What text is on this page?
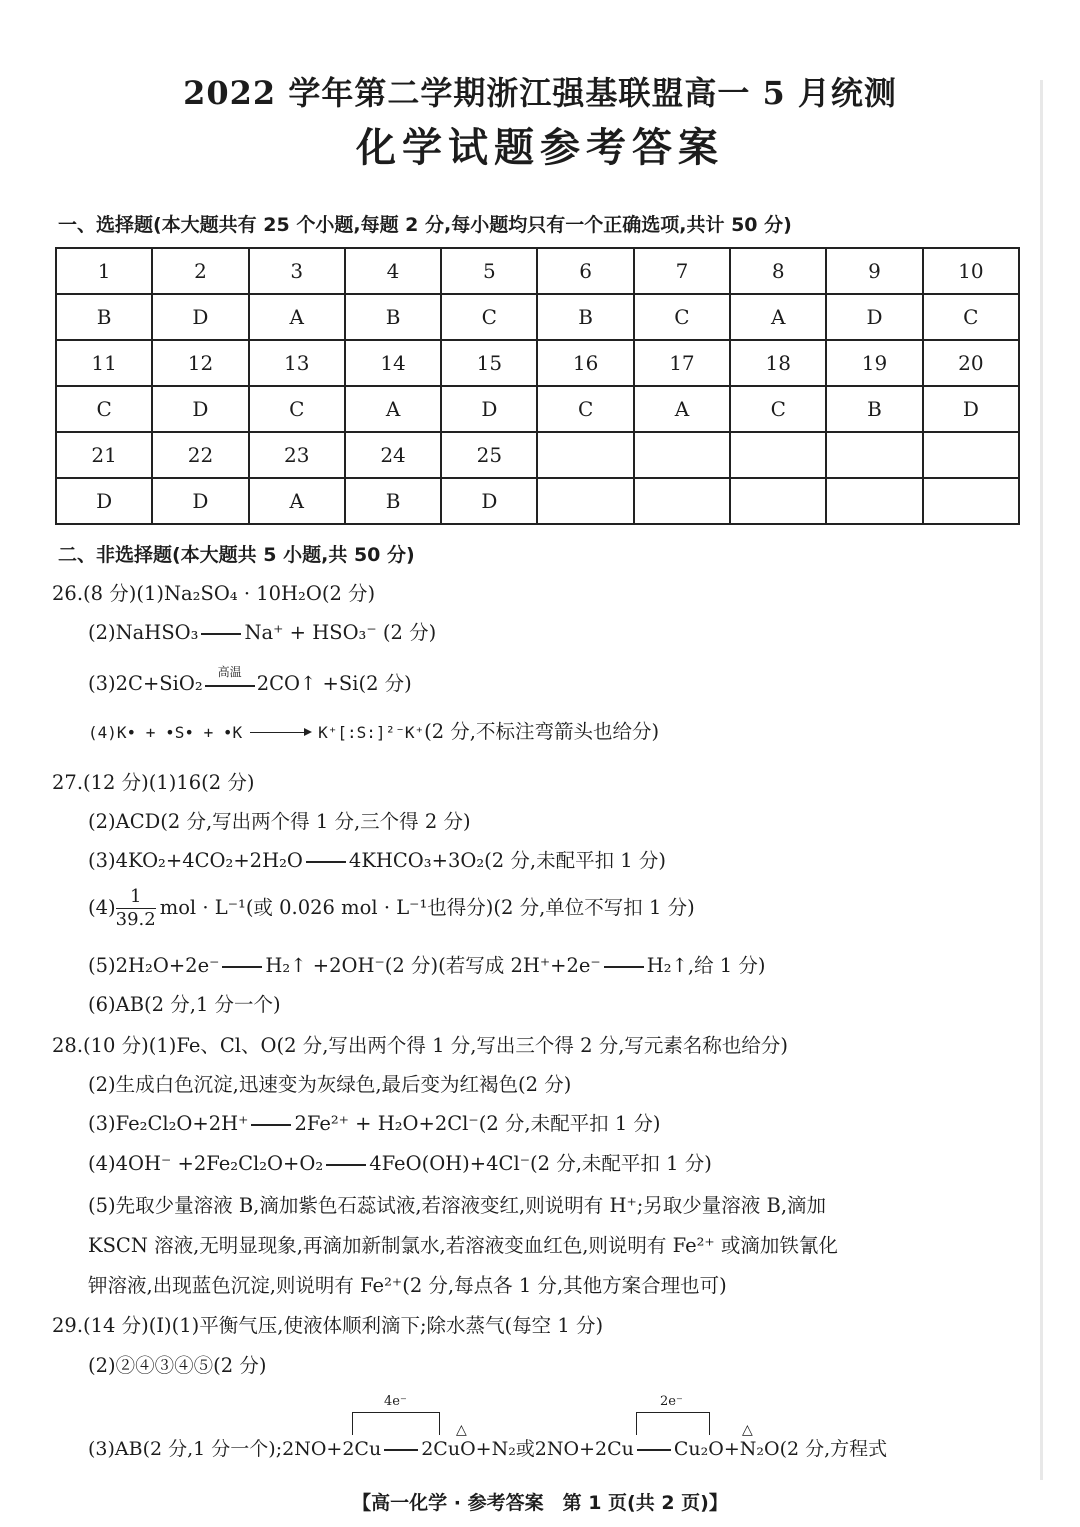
2022 学年第二学期浙江强基联盟高一 5 月统测
化学试题参考答案
一、选择题(本大题共有 25 个小题,每题 2 分,每小题均只有一个正确选项,共计 50 分)
1	2	3	4	5	6	7	8	9	10
B	D	A	B	C	B	C	A	D	C
11	12	13	14	15	16	17	18	19	20
C	D	C	A	D	C	A	C	B	D
21	22	23	24	25					
D	D	A	B	D					
二、非选择题(本大题共 5 小题,共 50 分)
26.(8 分)(1)Na₂SO₄ · 10H₂O(2 分)
(2)NaHSO₃ Na⁺ + HSO₃⁻ (2 分)
(3)2C+SiO₂
高温
2CO↑ +Si(2 分)
(4)K• + •S• + •K	K⁺[:S:]²⁻K⁺(2 分,不标注弯箭头也给分)
27.(12 分)(1)16(2 分)
(2)ACD(2 分,写出两个得 1 分,三个得 2 分)
(3)4KO₂+4CO₂+2H₂O 4KHCO₃+3O₂(2 分,未配平扣 1 分)
$(4) \frac{1}{39.2}$ mol · L⁻¹(或 0.026 mol · L⁻¹也得分)(2 分,单位不写扣 1 分)
(5)2H₂O+2e⁻ H₂↑ +2OH⁻(2 分)(若写成 2H⁺+2e⁻ H₂↑,给 1 分)
(6)AB(2 分,1 分一个)
28.(10 分)(1)Fe、Cl、O(2 分,写出两个得 1 分,写出三个得 2 分,写元素名称也给分)
(2)生成白色沉淀,迅速变为灰绿色,最后变为红褐色(2 分)
(3)Fe₂Cl₂O+2H⁺ 2Fe²⁺ + H₂O+2Cl⁻(2 分,未配平扣 1 分)
(4)4OH⁻ +2Fe₂Cl₂O+O₂ 4FeO(OH)+4Cl⁻(2 分,未配平扣 1 分)
(5)先取少量溶液 B,滴加紫色石蕊试液,若溶液变红,则说明有 H⁺;另取少量溶液 B,滴加
KSCN 溶液,无明显现象,再滴加新制氯水,若溶液变血红色,则说明有 Fe²⁺ 或滴加铁氰化
钾溶液,出现蓝色沉淀,则说明有 Fe²⁺(2 分,每点各 1 分,其他方案合理也可)
29.(14 分)(Ⅰ)(1)平衡气压,使液体顺利滴下;除水蒸气(每空 1 分)
(2)②④③④⑤(2 分)
4e⁻	2e⁻
△	△
(3)AB(2 分,1 分一个);2NO+2Cu 2CuO+N₂或2NO+2Cu Cu₂O+N₂O(2 分,方程式
【高一化学 · 参考答案　第 1 页(共 2 页)】
